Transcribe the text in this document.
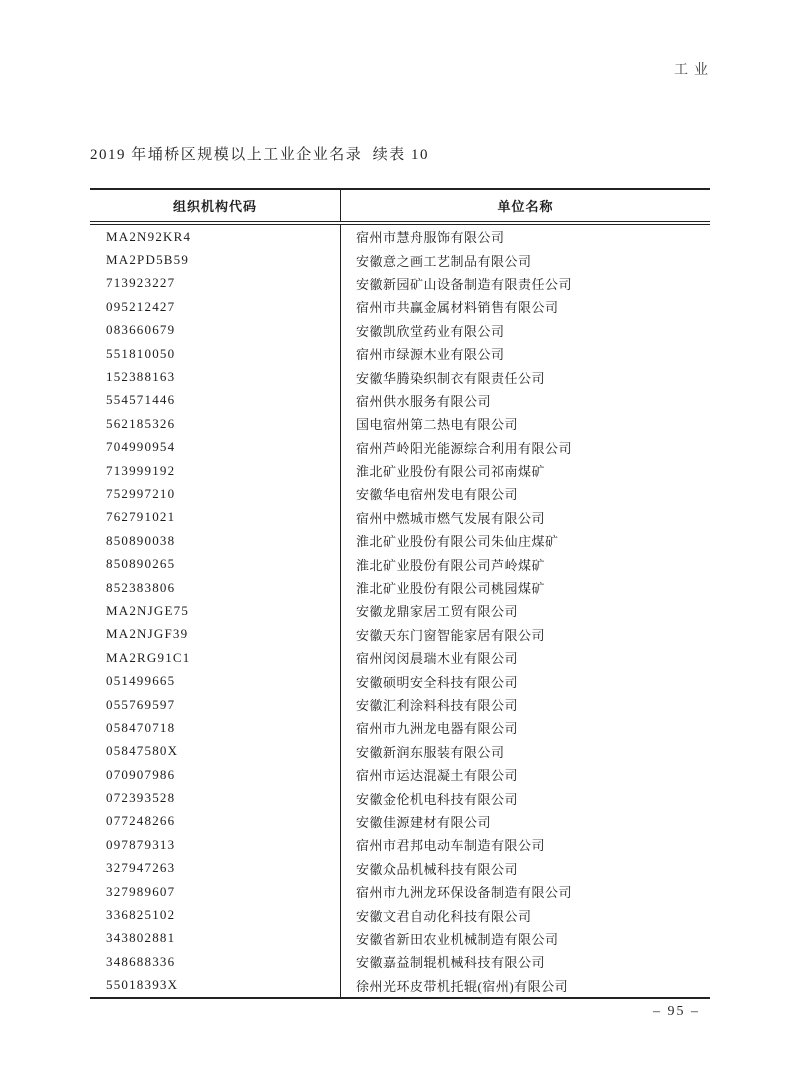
工业
2019 年埇桥区规模以上工业企业名录  续表 10
组织机构代码	单位名称
MA2N92KR4	宿州市慧舟服饰有限公司
MA2PD5B59	安徽意之画工艺制品有限公司
713923227	安徽新园矿山设备制造有限责任公司
095212427	宿州市共赢金属材料销售有限公司
083660679	安徽凯欣堂药业有限公司
551810050	宿州市绿源木业有限公司
152388163	安徽华腾染织制衣有限责任公司
554571446	宿州供水服务有限公司
562185326	国电宿州第二热电有限公司
704990954	宿州芦岭阳光能源综合利用有限公司
713999192	淮北矿业股份有限公司祁南煤矿
752997210	安徽华电宿州发电有限公司
762791021	宿州中燃城市燃气发展有限公司
850890038	淮北矿业股份有限公司朱仙庄煤矿
850890265	淮北矿业股份有限公司芦岭煤矿
852383806	淮北矿业股份有限公司桃园煤矿
MA2NJGE75	安徽龙鼎家居工贸有限公司
MA2NJGF39	安徽天东门窗智能家居有限公司
MA2RG91C1	宿州闵闵晨瑞木业有限公司
051499665	安徽硕明安全科技有限公司
055769597	安徽汇利涂料科技有限公司
058470718	宿州市九洲龙电器有限公司
05847580X	安徽新润东服装有限公司
070907986	宿州市运达混凝土有限公司
072393528	安徽金伦机电科技有限公司
077248266	安徽佳源建材有限公司
097879313	宿州市君邦电动车制造有限公司
327947263	安徽众品机械科技有限公司
327989607	宿州市九洲龙环保设备制造有限公司
336825102	安徽文君自动化科技有限公司
343802881	安徽省新田农业机械制造有限公司
348688336	安徽嘉益制辊机械科技有限公司
55018393X	徐州光环皮带机托辊(宿州)有限公司
– 95 –
